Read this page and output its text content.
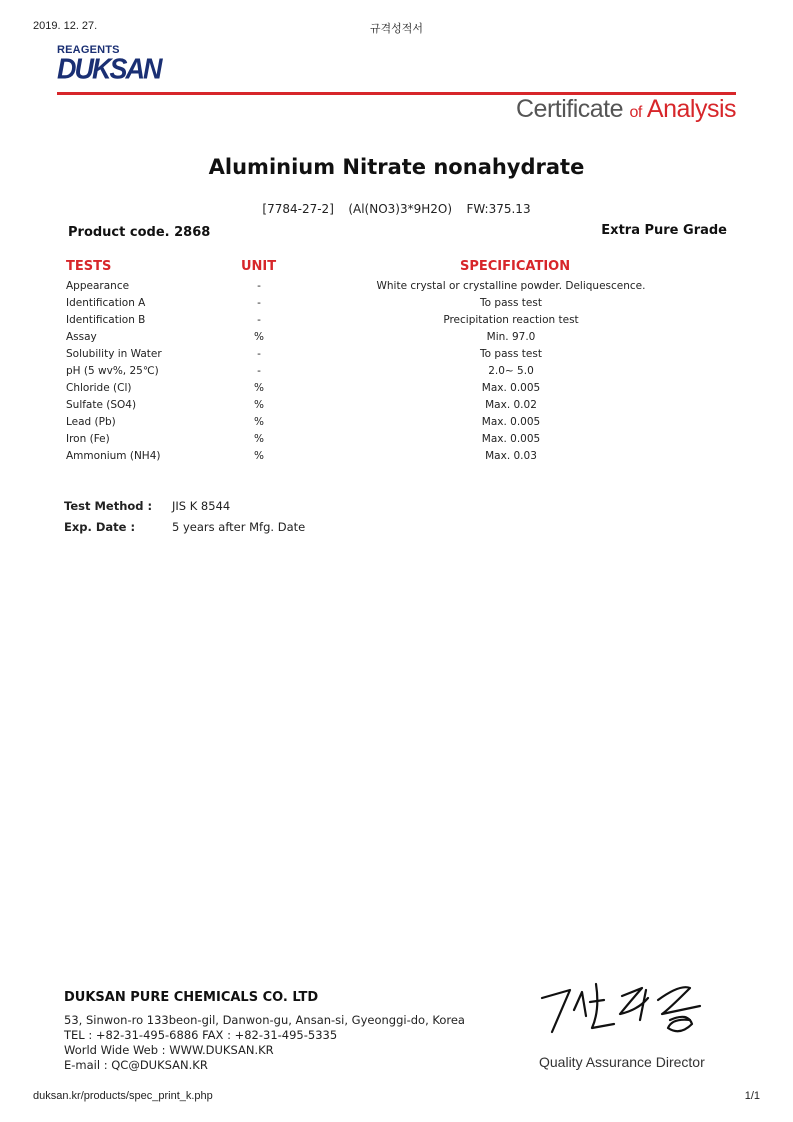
2019. 12. 27.	규격성적서
REAGENTS
DUKSAN
Certificate of Analysis
Aluminium Nitrate nonahydrate
[7784-27-2] (Al(NO3)3*9H2O) FW:375.13
Product code. 2868	Extra Pure Grade
TESTS	UNIT	SPECIFICATION
Appearance	-	White crystal or crystalline powder. Deliquescence.
Identification A	-	To pass test
Identification B	-	Precipitation reaction test
Assay	%	Min. 97.0
Solubility in Water	-	To pass test
pH (5 wv%, 25℃)	-	2.0~ 5.0
Chloride (Cl)	%	Max. 0.005
Sulfate (SO4)	%	Max. 0.02
Lead (Pb)	%	Max. 0.005
Iron (Fe)	%	Max. 0.005
Ammonium (NH4)	%	Max. 0.03
Test Method : JIS K 8544
Exp. Date :	5 years after Mfg. Date
DUKSAN PURE CHEMICALS CO. LTD
53, Sinwon-ro 133beon-gil, Danwon-gu, Ansan-si, Gyeonggi-do, Korea
TEL : +82-31-495-6886 FAX : +82-31-495-5335
World Wide Web : WWW.DUKSAN.KR
E-mail : QC@DUKSAN.KR	Quality Assurance Director
duksan.kr/products/spec_print_k.php	1/1
